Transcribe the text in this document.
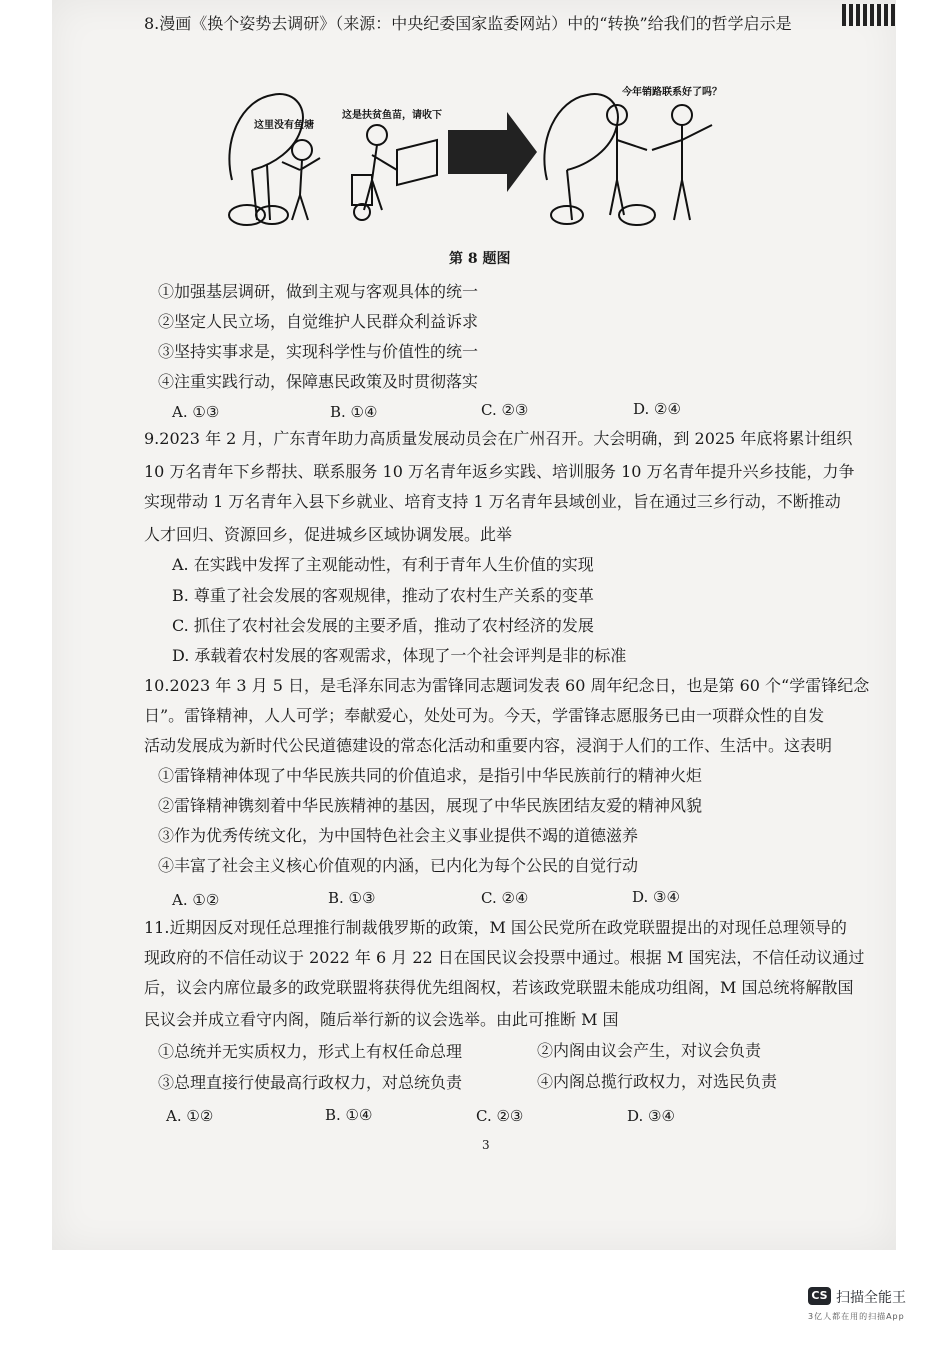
8.漫画《换个姿势去调研》（来源：中央纪委国家监委网站）中的“转换”给我们的哲学启示是
这里没有鱼塘
这是扶贫鱼苗，请收下
今年销路联系好了吗？
第 8 题图
①加强基层调研，做到主观与客观具体的统一
②坚定人民立场，自觉维护人民群众利益诉求
③坚持实事求是，实现科学性与价值性的统一
④注重实践行动，保障惠民政策及时贯彻落实
A. ①③	B. ①④	C. ②③	D. ②④
9.2023 年 2 月，广东青年助力高质量发展动员会在广州召开。大会明确，到 2025 年底将累计组织
10 万名青年下乡帮扶、联系服务 10 万名青年返乡实践、培训服务 10 万名青年提升兴乡技能，力争
实现带动 1 万名青年入县下乡就业、培育支持 1 万名青年县域创业，旨在通过三乡行动，不断推动
人才回归、资源回乡，促进城乡区域协调发展。此举
A. 在实践中发挥了主观能动性，有利于青年人生价值的实现
B. 尊重了社会发展的客观规律，推动了农村生产关系的变革
C. 抓住了农村社会发展的主要矛盾，推动了农村经济的发展
D. 承载着农村发展的客观需求，体现了一个社会评判是非的标准
10.2023 年 3 月 5 日，是毛泽东同志为雷锋同志题词发表 60 周年纪念日，也是第 60 个“学雷锋纪念
日”。雷锋精神，人人可学；奉献爱心，处处可为。今天，学雷锋志愿服务已由一项群众性的自发
活动发展成为新时代公民道德建设的常态化活动和重要内容，浸润于人们的工作、生活中。这表明
①雷锋精神体现了中华民族共同的价值追求，是指引中华民族前行的精神火炬
②雷锋精神镌刻着中华民族精神的基因，展现了中华民族团结友爱的精神风貌
③作为优秀传统文化，为中国特色社会主义事业提供不竭的道德滋养
④丰富了社会主义核心价值观的内涵，已内化为每个公民的自觉行动
A. ①②	B. ①③	C. ②④	D. ③④
11.近期因反对现任总理推行制裁俄罗斯的政策，M 国公民党所在政党联盟提出的对现任总理领导的
现政府的不信任动议于 2022 年 6 月 22 日在国民议会投票中通过。根据 M 国宪法，不信任动议通过
后，议会内席位最多的政党联盟将获得优先组阁权，若该政党联盟未能成功组阁，M 国总统将解散国
民议会并成立看守内阁，随后举行新的议会选举。由此可推断 M 国
①总统并无实质权力，形式上有权任命总理	②内阁由议会产生，对议会负责
③总理直接行使最高行政权力，对总统负责	④内阁总揽行政权力，对选民负责
A. ①②	B. ①④	C. ②③	D. ③④
3
CS 扫描全能王
3亿人都在用的扫描App
